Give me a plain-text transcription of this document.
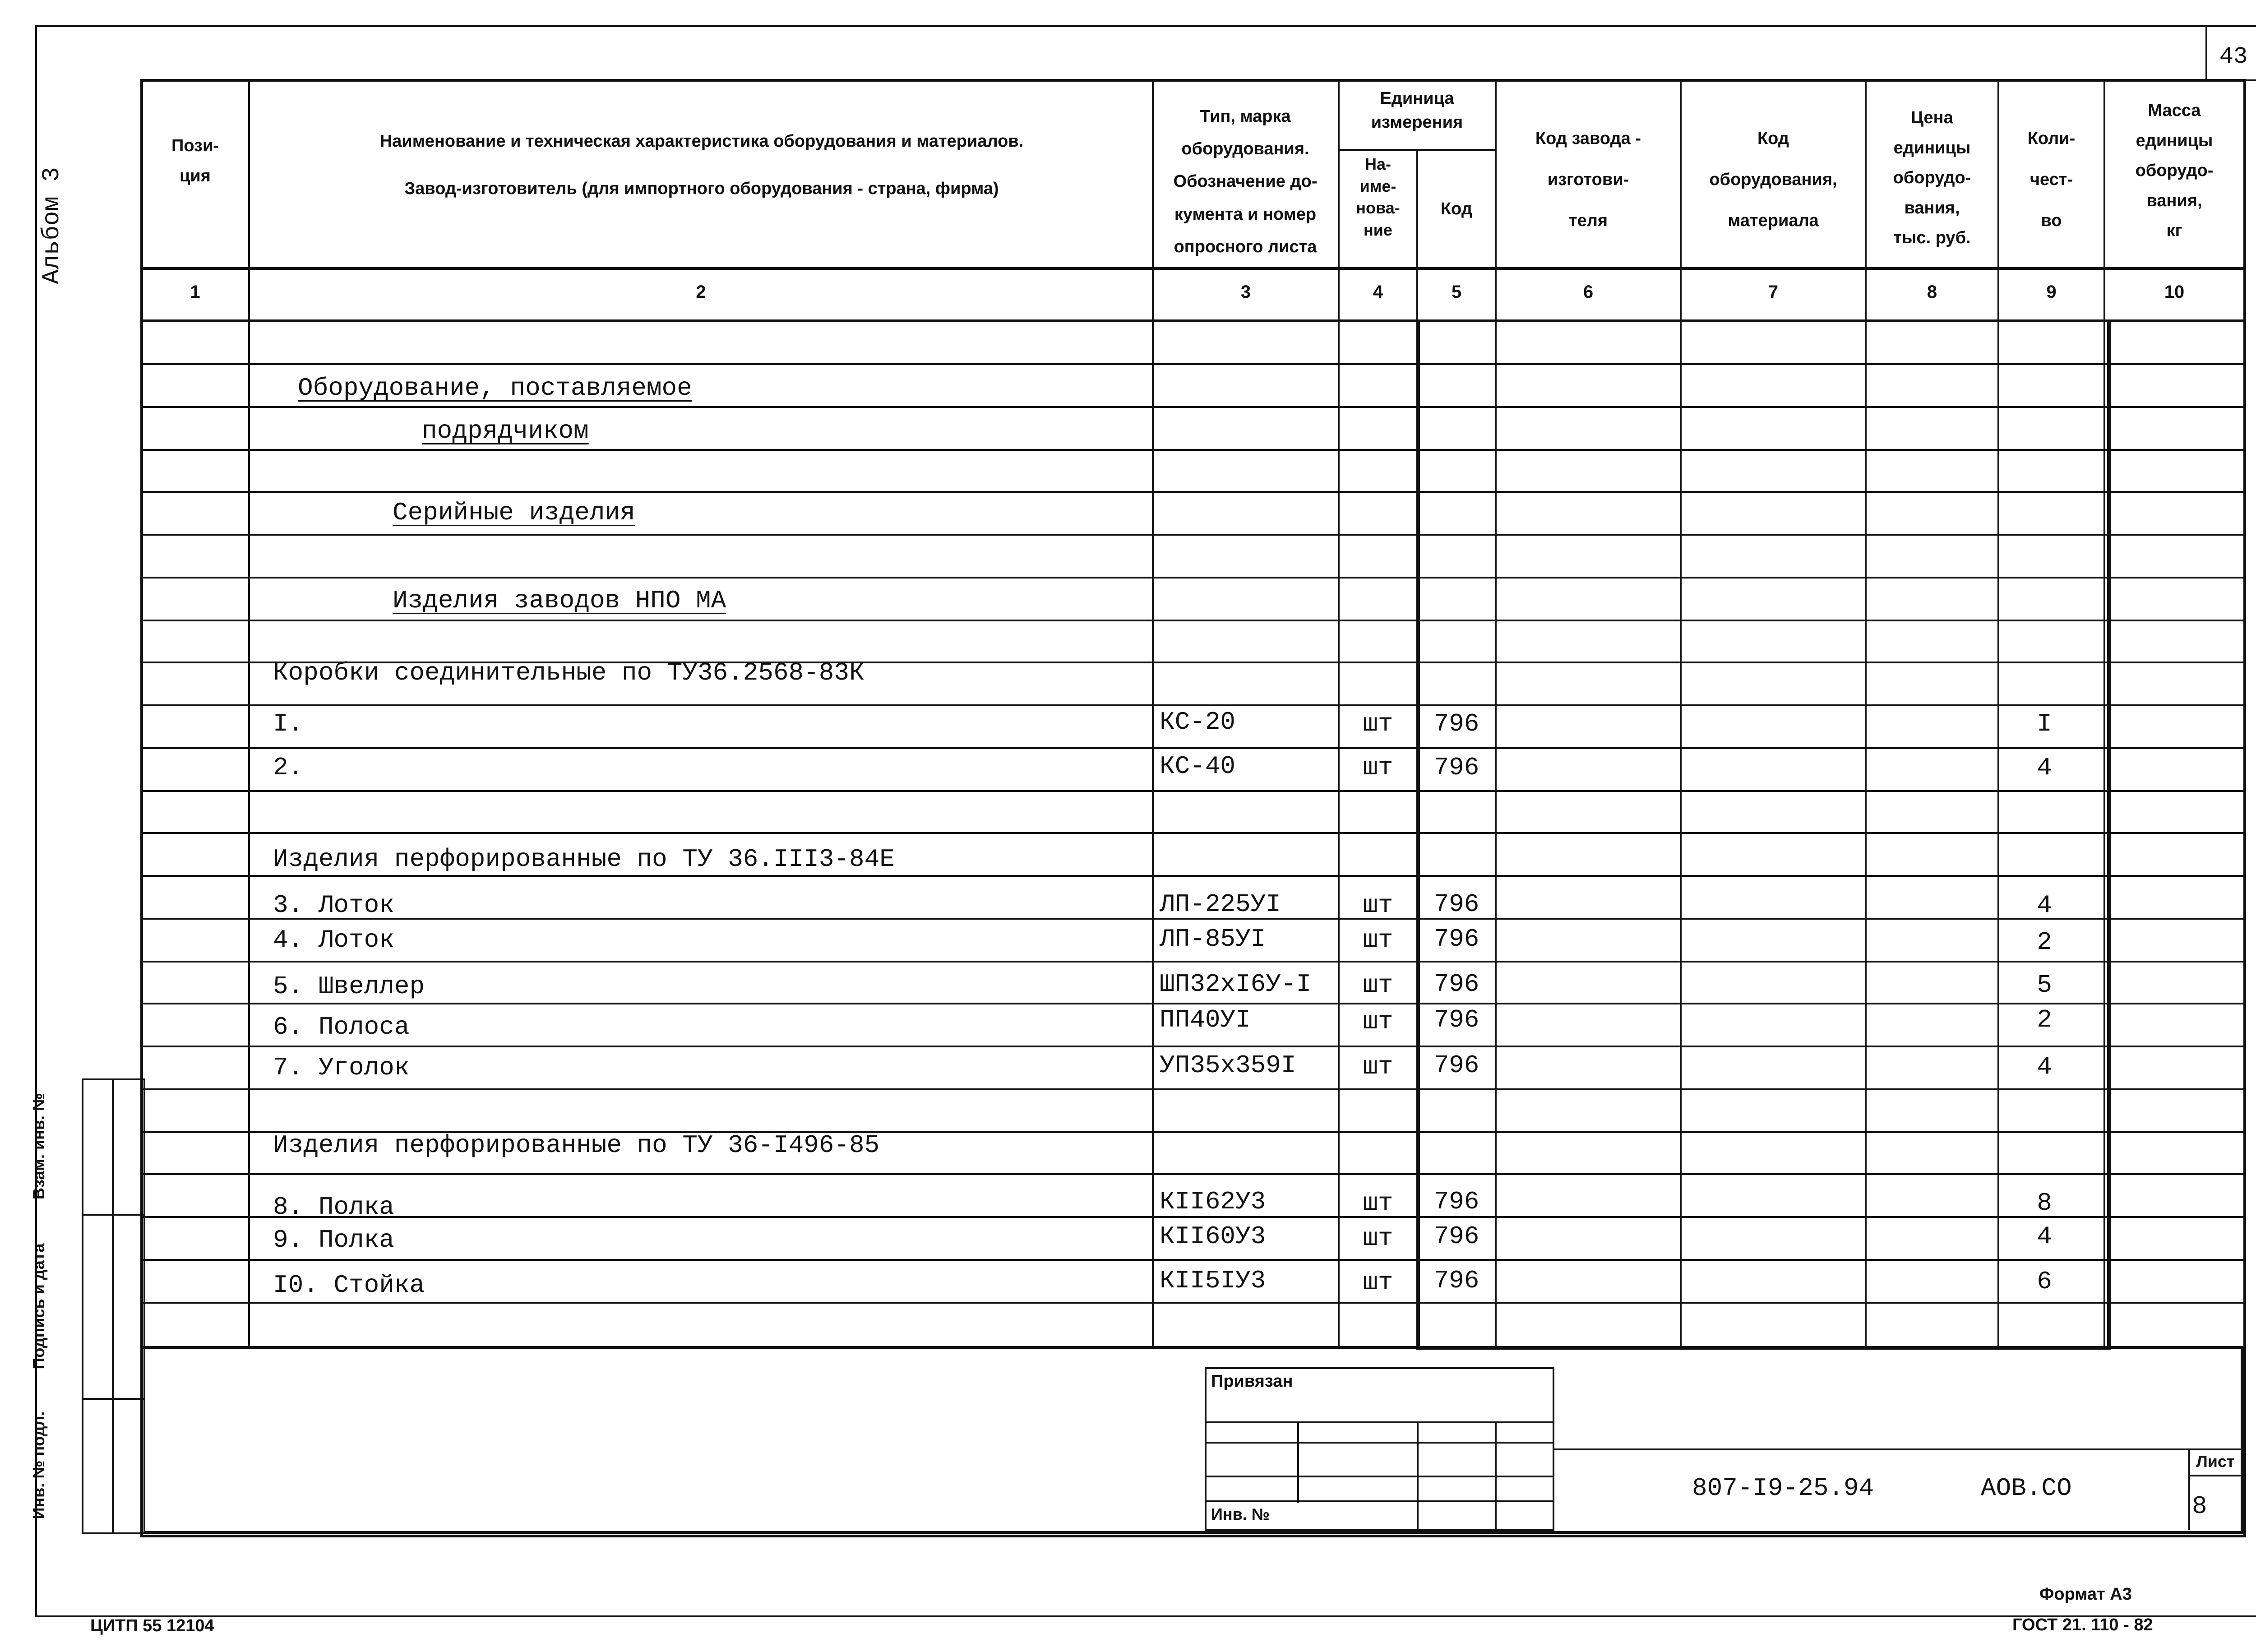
43
Альбом 3
Пози-
ция
Наименование и техническая характеристика оборудования и материалов.
Завод-изготовитель (для импортного оборудования - страна, фирма)
Тип, марка
оборудования.
Обозначение до-
кумента и номер
опросного листа
Единица
измерения
На-
име-
нова-
ние
Код
Код завода -
изготови-
теля
Код
оборудования,
материала
Цена
единицы
оборудо-
вания,
тыс. руб.
Коли-
чест-
во
Масса
единицы
оборудо-
вания,
кг
1	2	3	4	5	6	7	8	9	10
Оборудование, поставляемое
подрядчиком
Серийные изделия
Изделия заводов НПО МА
Коробки соединительные по ТУ36.2568-83К
Изделия перфорированные по ТУ 36.III3-84Е
Изделия перфорированные по ТУ 36-I496-85
I.	КС-20	шт	796	I
2.	КС-40	шт	796	4
3. Лоток	ЛП-225УI	шт	796	4
4. Лоток	ЛП-85УI	шт	796	2
5. Швеллер	ШП32хI6У-I	шт	796	5
6. Полоса	ПП40УI	шт	796	2
7. Уголок	УП35х359I	шт	796	4
8. Полка	КII62У3	шт	796	8
9. Полка	КII60У3	шт	796	4
I0. Стойка	КII5IУ3	шт	796	6
Взам. инв. №
Подпись и дата
Инв. № подл.
Привязан
Инв. №
807-I9-25.94	АОВ.СО
Лист
8
ЦИТП 55 12104
Формат А3
ГОСТ 21. 110 - 82
